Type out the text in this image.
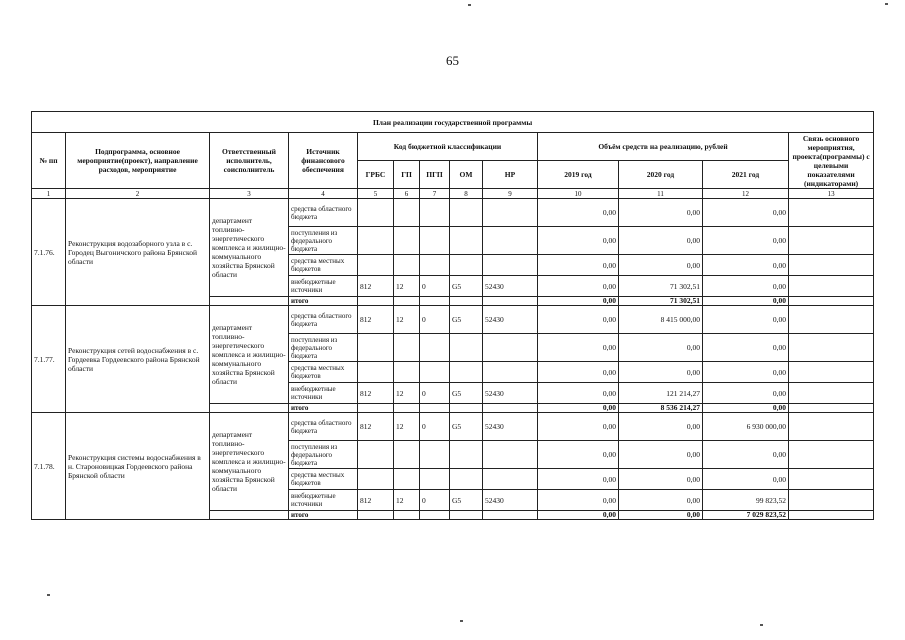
65
План реализации государственной программы												
№ пп	Подпрограмма, основное мероприятие(проект), направление расходов, мероприятие	Ответственный исполнитель, соисполнитель	Источник финансового обеспечения	Код бюджетной классификации					Объём средств на реализацию, рублей			Связь основного мероприятия, проекта(программы) с целевыми показателями (индикаторами)
				ГРБС	ГП	ПГП	ОМ	НР	2019 год	2020 год	2021 год	
1	2	3	4	5	6	7	8	9	10	11	12	13
7.1.76.	Реконструкция водозаборного узла в с. Городец Выгоничского района Брянской области	департамент топливно-энергетического комплекса и жилищно-коммунального хозяйства Брянской области	средства областного бюджета						0,00	0,00	0,00	
			поступления из федерального бюджета						0,00	0,00	0,00	
			средства местных бюджетов						0,00	0,00	0,00	
			внебюджетные источники	812	12	0	G5	52430	0,00	71 302,51	0,00	
			итого						0,00	71 302,51	0,00	
7.1.77.	Реконструкция сетей водоснабжения в с. Гордеевка Гордеевского района Брянской области	департамент топливно-энергетического комплекса и жилищно-коммунального хозяйства Брянской области	средства областного бюджета	812	12	0	G5	52430	0,00	8 415 000,00	0,00	
			поступления из федерального бюджета						0,00	0,00	0,00	
			средства местных бюджетов						0,00	0,00	0,00	
			внебюджетные источники	812	12	0	G5	52430	0,00	121 214,27	0,00	
			итого						0,00	8 536 214,27	0,00	
7.1.78.	Реконструкция системы водоснабжения в н. Староновицкая Гордеевского района Брянской области	департамент топливно-энергетического комплекса и жилищно-коммунального хозяйства Брянской области	средства областного бюджета	812	12	0	G5	52430	0,00	0,00	6 930 000,00	
			поступления из федерального бюджета						0,00	0,00	0,00	
			средства местных бюджетов						0,00	0,00	0,00	
			внебюджетные источники	812	12	0	G5	52430	0,00	0,00	99 823,52	
			итого						0,00	0,00	7 029 823,52	
